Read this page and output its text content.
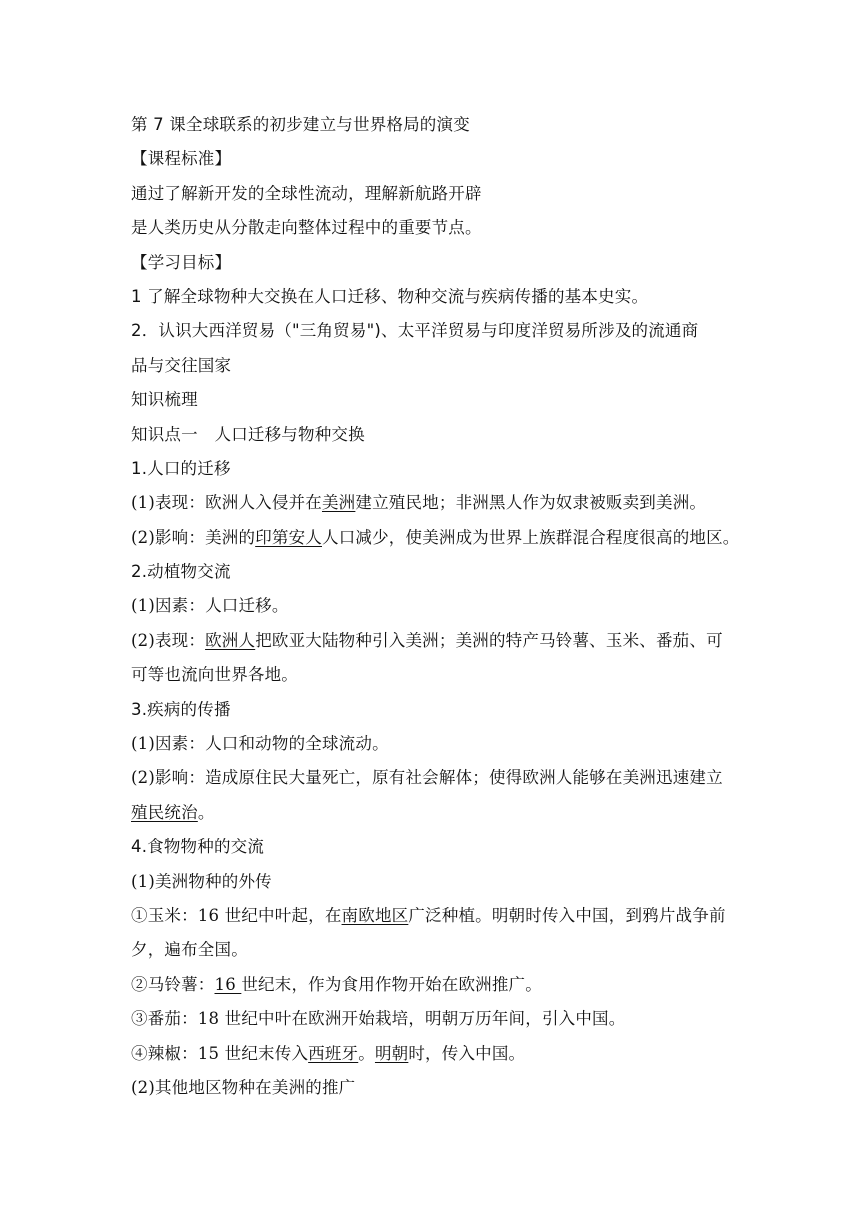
第 7 课全球联系的初步建立与世界格局的演变
【课程标准】
通过了解新开发的全球性流动，理解新航路开辟
是人类历史从分散走向整体过程中的重要节点。
【学习目标】
1 了解全球物种大交换在人口迁移、物种交流与疾病传播的基本史实。
2．认识大西洋贸易（"三角贸易")、太平洋贸易与印度洋贸易所涉及的流通商
品与交往国家
知识梳理
知识点一　人口迁移与物种交换
1.人口的迁移
(1)表现：欧洲人入侵并在美洲建立殖民地；非洲黑人作为奴隶被贩卖到美洲。
(2)影响：美洲的印第安人人口减少，使美洲成为世界上族群混合程度很高的地区。
2.动植物交流
(1)因素：人口迁移。
(2)表现：欧洲人把欧亚大陆物种引入美洲；美洲的特产马铃薯、玉米、番茄、可
可等也流向世界各地。
3.疾病的传播
(1)因素：人口和动物的全球流动。
(2)影响：造成原住民大量死亡，原有社会解体；使得欧洲人能够在美洲迅速建立
殖民统治。
4.食物物种的交流
(1)美洲物种的外传
①玉米：16 世纪中叶起，在南欧地区广泛种植。明朝时传入中国，到鸦片战争前
夕，遍布全国。
②马铃薯：16 世纪末，作为食用作物开始在欧洲推广。
③番茄：18 世纪中叶在欧洲开始栽培，明朝万历年间，引入中国。
④辣椒：15 世纪末传入西班牙。明朝时，传入中国。
(2)其他地区物种在美洲的推广
